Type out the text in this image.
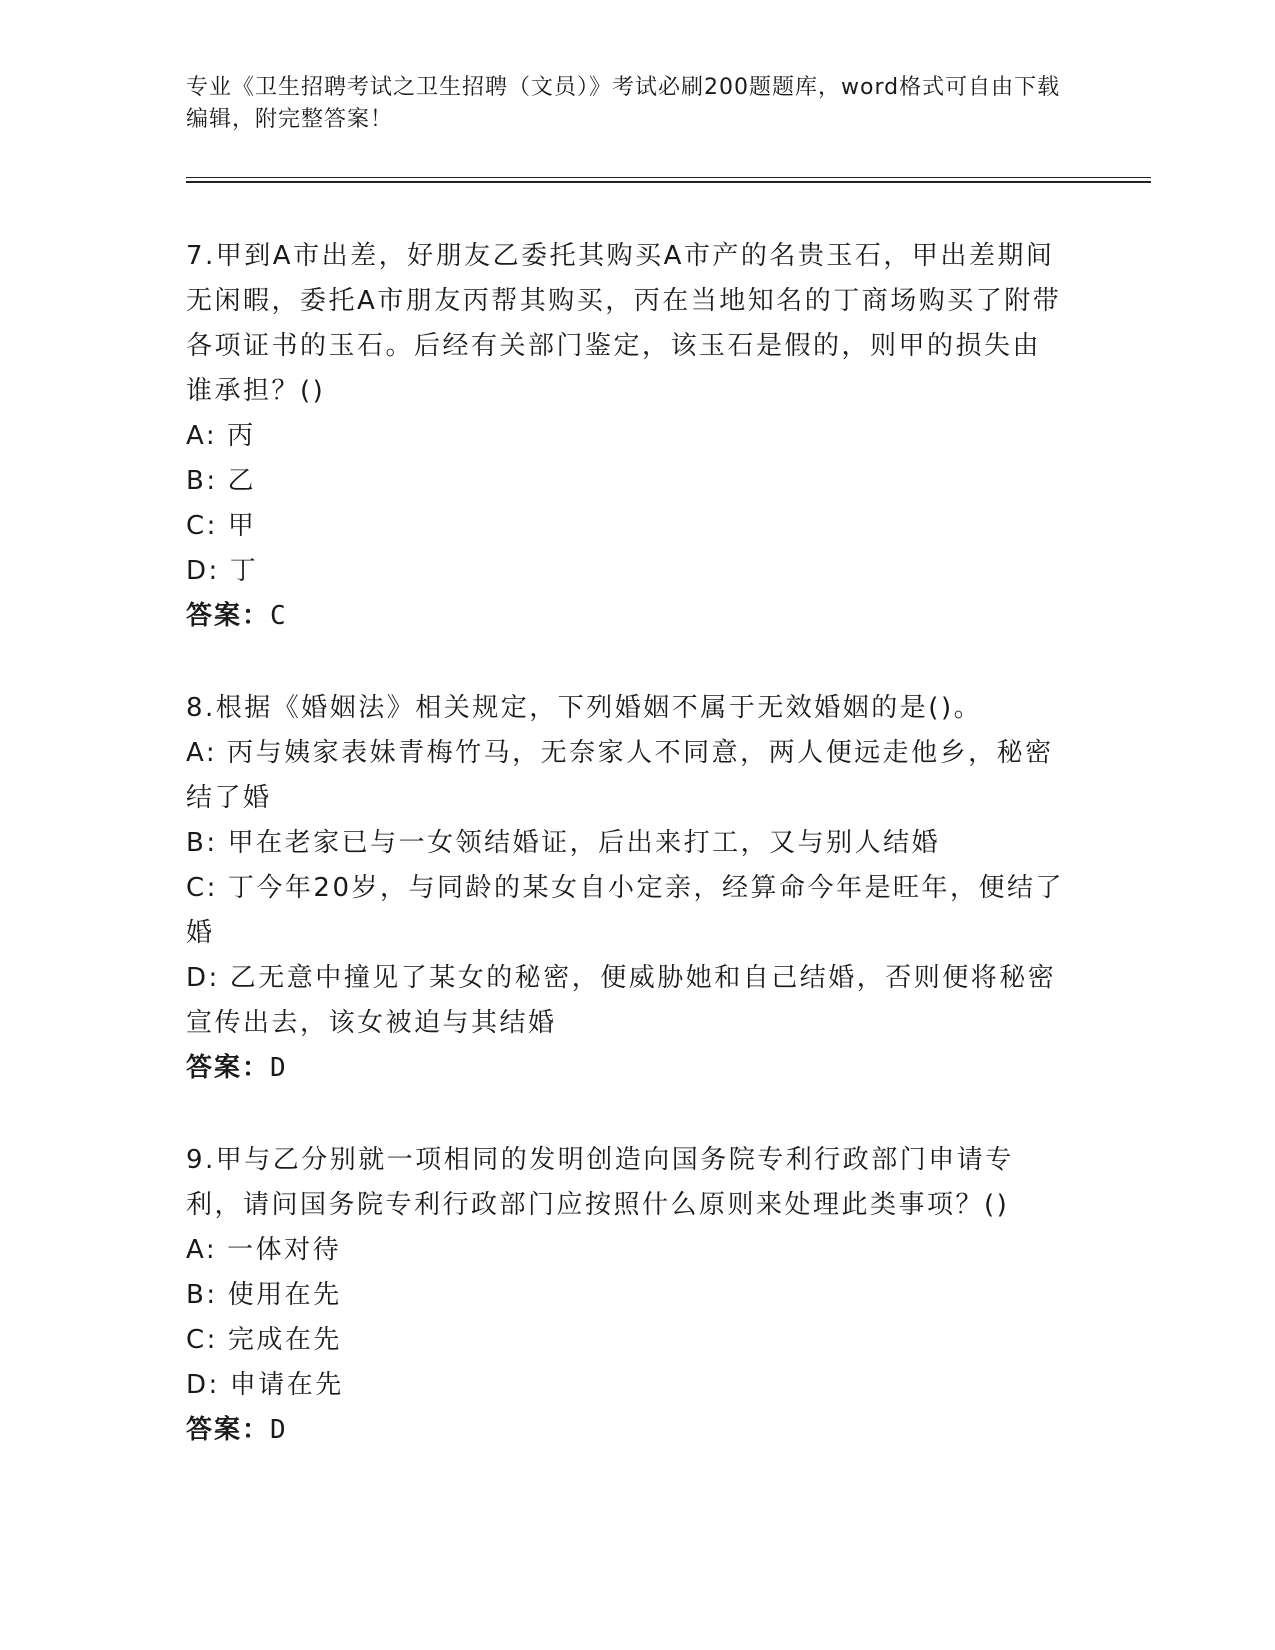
专业《卫生招聘考试之卫生招聘（文员）》考试必刷200题题库，word格式可自由下载编辑，附完整答案！
7.甲到A市出差，好朋友乙委托其购买A市产的名贵玉石，甲出差期间无闲暇，委托A市朋友丙帮其购买，丙在当地知名的丁商场购买了附带各项证书的玉石。后经有关部门鉴定，该玉石是假的，则甲的损失由谁承担？()
A: 丙
B: 乙
C: 甲
D: 丁
答案：C
8.根据《婚姻法》相关规定，下列婚姻不属于无效婚姻的是()。
A: 丙与姨家表妹青梅竹马，无奈家人不同意，两人便远走他乡，秘密结了婚
B: 甲在老家已与一女领结婚证，后出来打工，又与别人结婚
C: 丁今年20岁，与同龄的某女自小定亲，经算命今年是旺年，便结了婚
D: 乙无意中撞见了某女的秘密，便威胁她和自己结婚，否则便将秘密宣传出去，该女被迫与其结婚
答案：D
9.甲与乙分别就一项相同的发明创造向国务院专利行政部门申请专利，请问国务院专利行政部门应按照什么原则来处理此类事项？()
A: 一体对待
B: 使用在先
C: 完成在先
D: 申请在先
答案：D
